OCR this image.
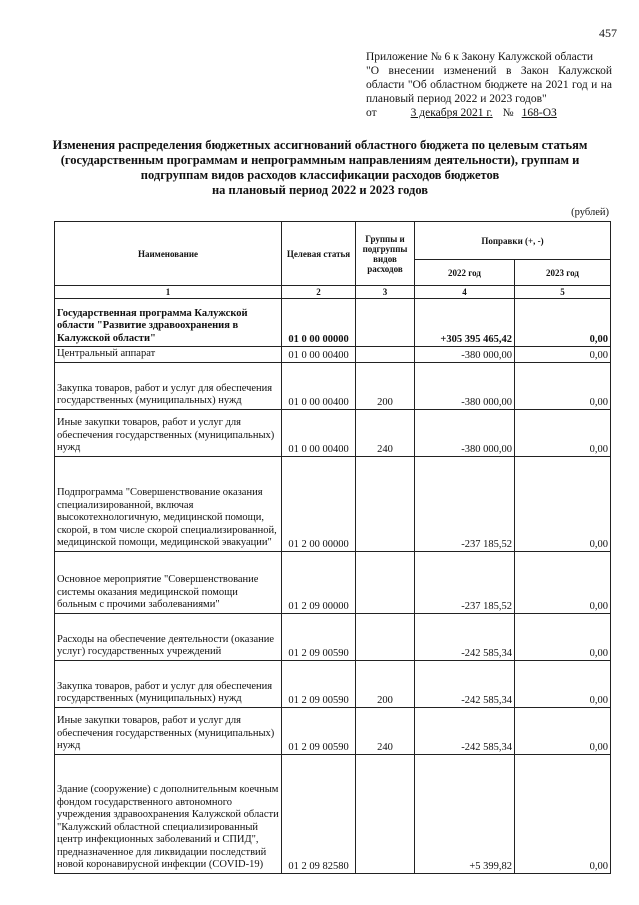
457
Приложение № 6 к Закону Калужской области
"О внесении изменений в Закон Калужской
области "Об областном бюджете на 2021 год и на
плановый период 2022 и 2023 годов"
от	3 декабря 2021 г. № 168-ОЗ
Изменения распределения бюджетных ассигнований областного бюджета по целевым статьям
(государственным программам и непрограммным направлениям деятельности), группам и
подгруппам видов расходов классификации расходов бюджетов
на плановый период 2022 и 2023 годов
(рублей)
Наименование	Целевая статья	Группы и подгруппы видов расходов	Поправки (+, -)	
			2022 год	2023 год
1	2	3	4	5
Государственная программа Калужской области "Развитие здравоохранения в Калужской области"	01 0 00 00000		+305 395 465,42	0,00
Центральный аппарат	01 0 00 00400		-380 000,00	0,00
Закупка товаров, работ и услуг для обеспечения государственных (муниципальных) нужд	01 0 00 00400	200	-380 000,00	0,00
Иные закупки товаров, работ и услуг для обеспечения государственных (муниципальных) нужд	01 0 00 00400	240	-380 000,00	0,00
Подпрограмма "Совершенствование оказания специализированной, включая высокотехнологичную, медицинской помощи, скорой, в том числе скорой специализированной, медицинской помощи, медицинской эвакуации"	01 2 00 00000		-237 185,52	0,00
Основное мероприятие "Совершенствование системы оказания медицинской помощи больным с прочими заболеваниями"	01 2 09 00000		-237 185,52	0,00
Расходы на обеспечение деятельности (оказание услуг) государственных учреждений	01 2 09 00590		-242 585,34	0,00
Закупка товаров, работ и услуг для обеспечения государственных (муниципальных) нужд	01 2 09 00590	200	-242 585,34	0,00
Иные закупки товаров, работ и услуг для обеспечения государственных (муниципальных) нужд	01 2 09 00590	240	-242 585,34	0,00
Здание (сооружение) с дополнительным коечным фондом государственного автономного учреждения здравоохранения Калужской области "Калужский областной специализированный центр инфекционных заболеваний и СПИД", предназначенное для ликвидации последствий новой коронавирусной инфекции (COVID-19)	01 2 09 82580		+5 399,82	0,00
